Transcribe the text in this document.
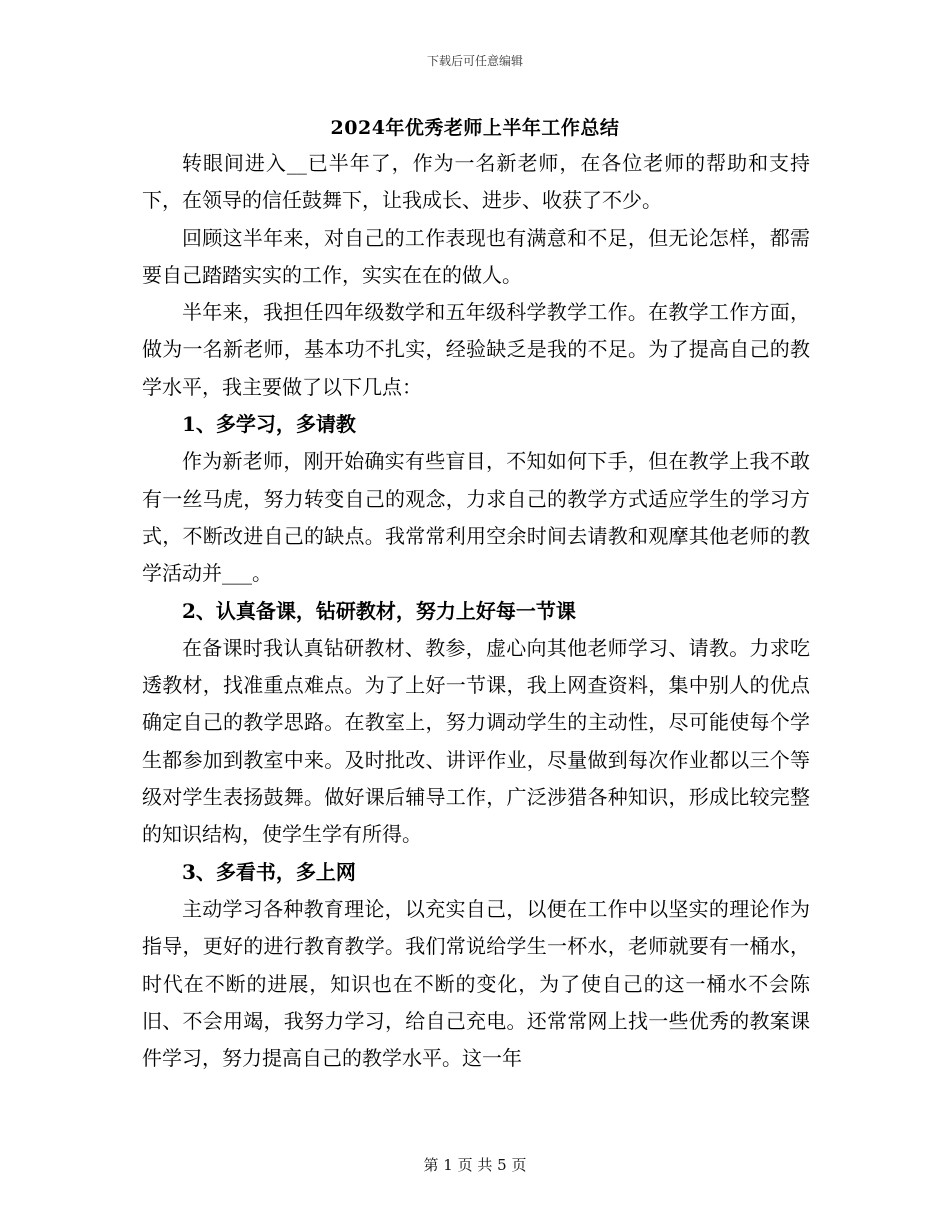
下载后可任意编辑
2024年优秀老师上半年工作总结

转眼间进入__已半年了，作为一名新老师，在各位老师的帮助和支持下，在领导的信任鼓舞下，让我成长、进步、收获了不少。

回顾这半年来，对自己的工作表现也有满意和不足，但无论怎样，都需要自己踏踏实实的工作，实实在在的做人。

半年来，我担任四年级数学和五年级科学教学工作。在教学工作方面，做为一名新老师，基本功不扎实，经验缺乏是我的不足。为了提高自己的教学水平，我主要做了以下几点：

1、多学习，多请教

作为新老师，刚开始确实有些盲目，不知如何下手，但在教学上我不敢有一丝马虎，努力转变自己的观念，力求自己的教学方式适应学生的学习方式，不断改进自己的缺点。我常常利用空余时间去请教和观摩其他老师的教学活动并___。

2、认真备课，钻研教材，努力上好每一节课

在备课时我认真钻研教材、教参，虚心向其他老师学习、请教。力求吃透教材，找准重点难点。为了上好一节课，我上网查资料，集中别人的优点确定自己的教学思路。在教室上，努力调动学生的主动性，尽可能使每个学生都参加到教室中来。及时批改、讲评作业，尽量做到每次作业都以三个等级对学生表扬鼓舞。做好课后辅导工作，广泛涉猎各种知识，形成比较完整的知识结构，使学生学有所得。

3、多看书，多上网

主动学习各种教育理论，以充实自己，以便在工作中以坚实的理论作为指导，更好的进行教育教学。我们常说给学生一杯水，老师就要有一桶水，时代在不断的进展，知识也在不断的变化，为了使自己的这一桶水不会陈旧、不会用竭，我努力学习，给自己充电。还常常网上找一些优秀的教案课件学习，努力提高自己的教学水平。这一年

第 1 页 共 5 页
